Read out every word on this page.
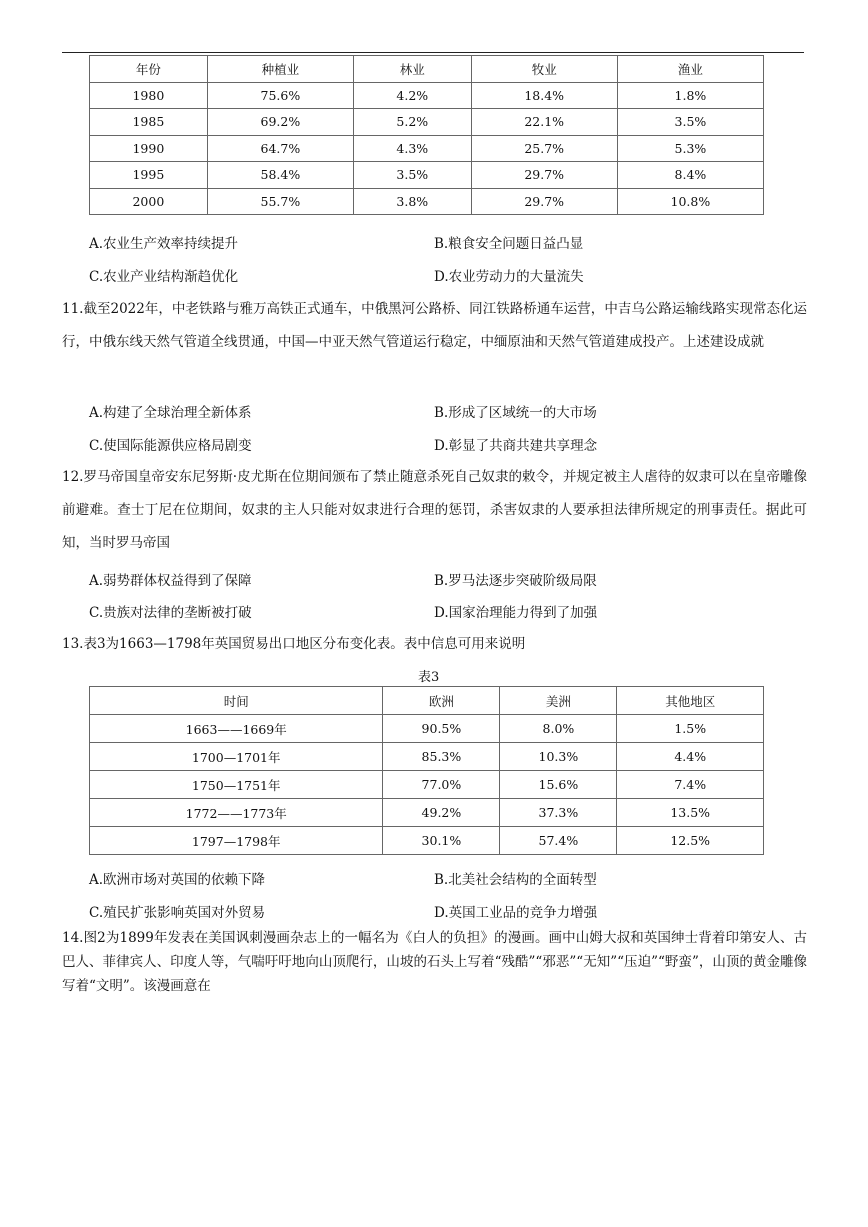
年份	种植业	林业	牧业	渔业
1980	75.6%	4.2%	18.4%	1.8%
1985	69.2%	5.2%	22.1%	3.5%
1990	64.7%	4.3%	25.7%	5.3%
1995	58.4%	3.5%	29.7%	8.4%
2000	55.7%	3.8%	29.7%	10.8%
A.农业生产效率持续提升	B.粮食安全问题日益凸显
C.农业产业结构渐趋优化	D.农业劳动力的大量流失
11.截至2022年，中老铁路与雅万高铁正式通车，中俄黑河公路桥、同江铁路桥通车运营，中吉乌公路运输线路实现常态化运行，中俄东线天然气管道全线贯通，中国—中亚天然气管道运行稳定，中缅原油和天然气管道建成投产。上述建设成就
A.构建了全球治理全新体系	B.形成了区域统一的大市场
C.使国际能源供应格局剧变	D.彰显了共商共建共享理念
12.罗马帝国皇帝安东尼努斯·皮尤斯在位期间颁布了禁止随意杀死自己奴隶的敕令，并规定被主人虐待的奴隶可以在皇帝雕像前避难。查士丁尼在位期间，奴隶的主人只能对奴隶进行合理的惩罚，杀害奴隶的人要承担法律所规定的刑事责任。据此可知，当时罗马帝国
A.弱势群体权益得到了保障	B.罗马法逐步突破阶级局限
C.贵族对法律的垄断被打破	D.国家治理能力得到了加强
13.表3为1663—1798年英国贸易出口地区分布变化表。表中信息可用来说明
表3
时间	欧洲	美洲	其他地区
1663——1669年	90.5%	8.0%	1.5%
1700—1701年	85.3%	10.3%	4.4%
1750—1751年	77.0%	15.6%	7.4%
1772——1773年	49.2%	37.3%	13.5%
1797—1798年	30.1%	57.4%	12.5%
A.欧洲市场对英国的依赖下降	B.北美社会结构的全面转型
C.殖民扩张影响英国对外贸易	D.英国工业品的竞争力增强
14.图2为1899年发表在美国讽刺漫画杂志上的一幅名为《白人的负担》的漫画。画中山姆大叔和英国绅士背着印第安人、古巴人、菲律宾人、印度人等，气喘吁吁地向山顶爬行，山坡的石头上写着“残酷”“邪恶”“无知”“压迫”“野蛮”，山顶的黄金雕像写着“文明”。该漫画意在
